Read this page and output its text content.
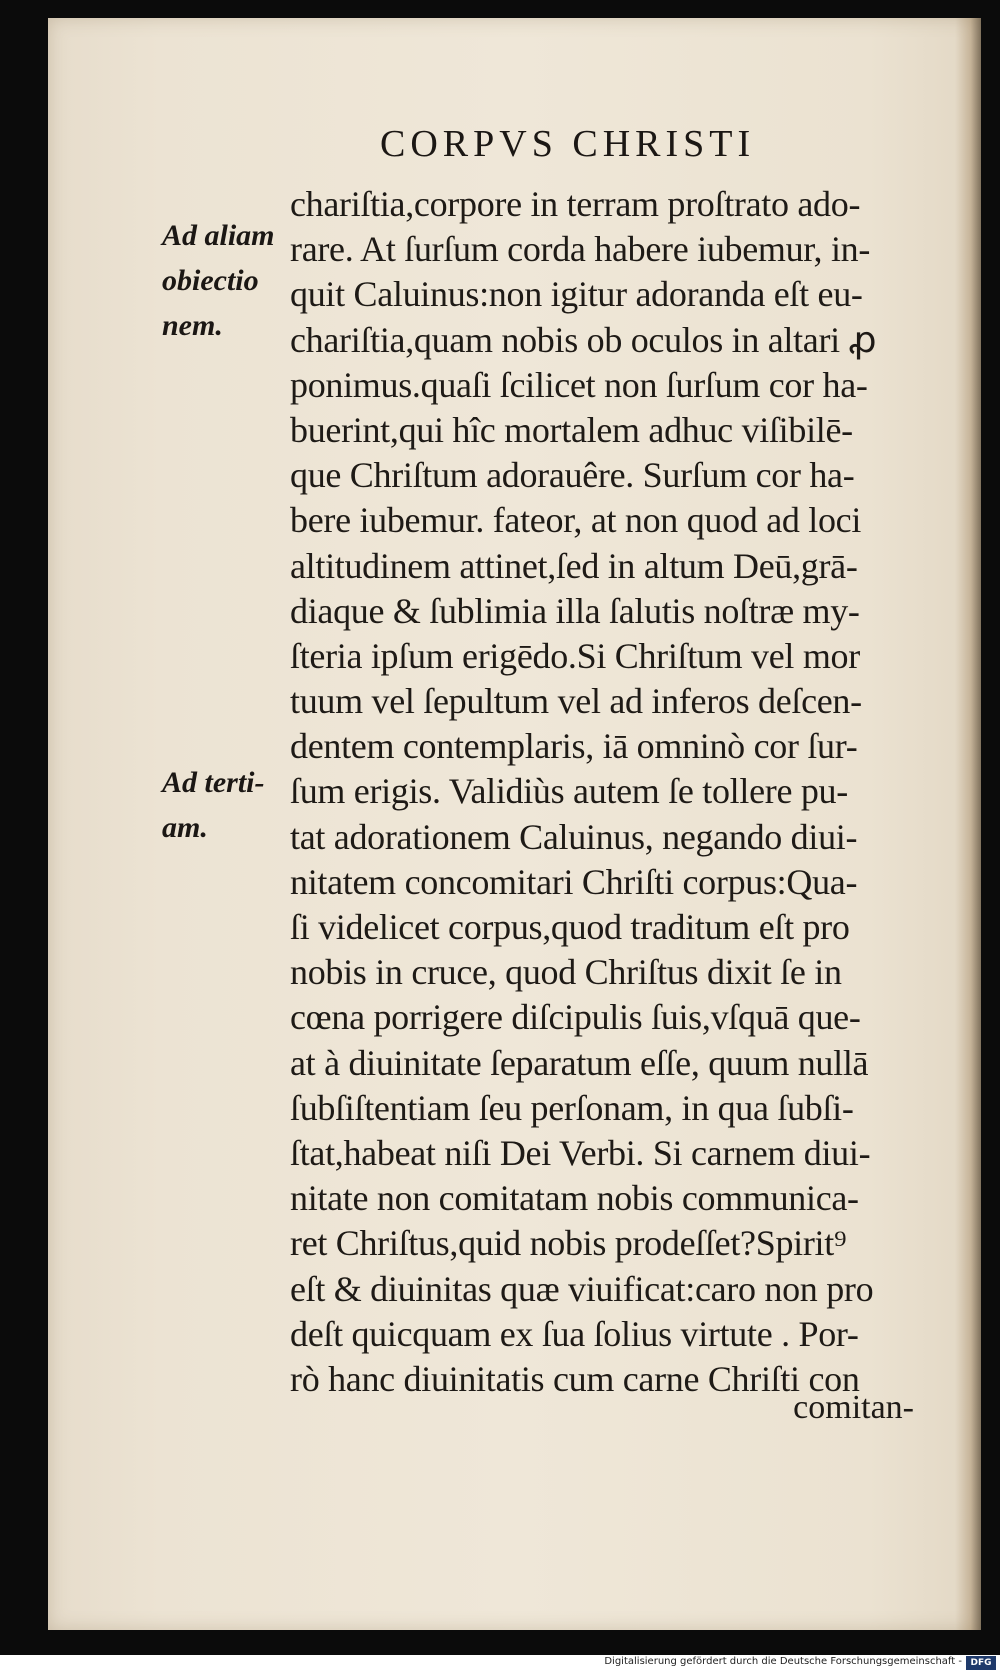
CORPVS CHRISTI
Ad aliam
obiectio
nem.
Ad terti-
am.
chariſtia,corpore in terram proſtrato ado-
rare. At ſurſum corda habere iubemur, in-
quit Caluinus:non igitur adoranda eſt eu-
chariſtia,quam nobis ob oculos in altari ꝓ
ponimus.quaſi ſcilicet non ſurſum cor ha-
buerint,qui hîc mortalem adhuc viſibilē-
que Chriſtum adorauêre. Surſum cor ha-
bere iubemur. fateor, at non quod ad loci
altitudinem attinet,ſed in altum Deū,grā-
diaque & ſublimia illa ſalutis noſtræ my-
ſteria ipſum erigēdo.Si Chriſtum vel mor
tuum vel ſepultum vel ad inferos deſcen-
dentem contemplaris, iā omninò cor ſur-
ſum erigis. Validiùs autem ſe tollere pu-
tat adorationem Caluinus, negando diui-
nitatem concomitari Chriſti corpus:Qua-
ſi videlicet corpus,quod traditum eſt pro
nobis in cruce, quod Chriſtus dixit ſe in
cœna porrigere diſcipulis ſuis,vſquā que-
at à diuinitate ſeparatum eſſe, quum nullā
ſubſiſtentiam ſeu perſonam, in qua ſubſi-
ſtat,habeat niſi Dei Verbi. Si carnem diui-
nitate non comitatam nobis communica-
ret Chriſtus,quid nobis prodeſſet?Spirit⁹
eſt & diuinitas quæ viuificat:caro non pro
deſt quicquam ex ſua ſolius virtute . Por-
rò hanc diuinitatis cum carne Chriſti con
comitan-
Digitalisierung gefördert durch die Deutsche Forschungsgemeinschaft - DFG
